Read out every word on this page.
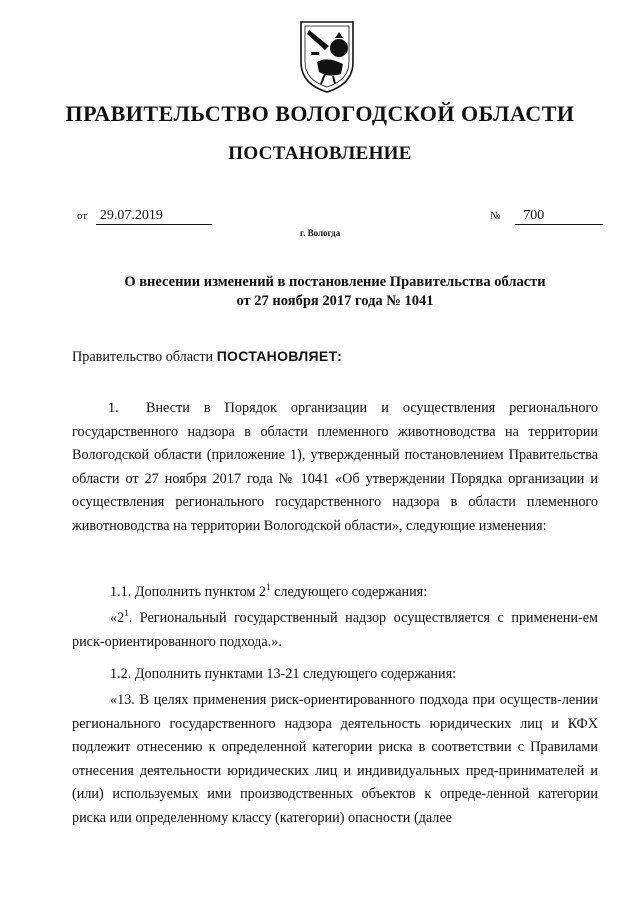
ПРАВИТЕЛЬСТВО ВОЛОГОДСКОЙ ОБЛАСТИ
ПОСТАНОВЛЕНИЕ
от 29.07.2019	№ 700
г. Вологда
О внесении изменений в постановление Правительства области
от 27 ноября 2017 года № 1041
Правительство области ПОСТАНОВЛЯЕТ:
1. Внести в Порядок организации и осуществления регионального государственного надзора в области племенного животноводства на территории Вологодской области (приложение 1), утвержденный постановлением Правительства области от 27 ноября 2017 года № 1041 «Об утверждении Порядка организации и осуществления регионального государственного надзора в области племенного животноводства на территории Вологодской области», следующие изменения:
1.1. Дополнить пунктом $2^1$ следующего содержания:
«$2^1$. Региональный государственный надзор осуществляется с применени-ем риск-ориентированного подхода.».
1.2. Дополнить пунктами 13-21 следующего содержания:
«13. В целях применения риск-ориентированного подхода при осуществ-лении регионального государственного надзора деятельность юридических лиц и КФХ подлежит отнесению к определенной категории риска в соответствии с Правилами отнесения деятельности юридических лиц и индивидуальных пред-принимателей и (или) используемых ими производственных объектов к опреде-ленной категории риска или определенному классу (категории) опасности (далее
